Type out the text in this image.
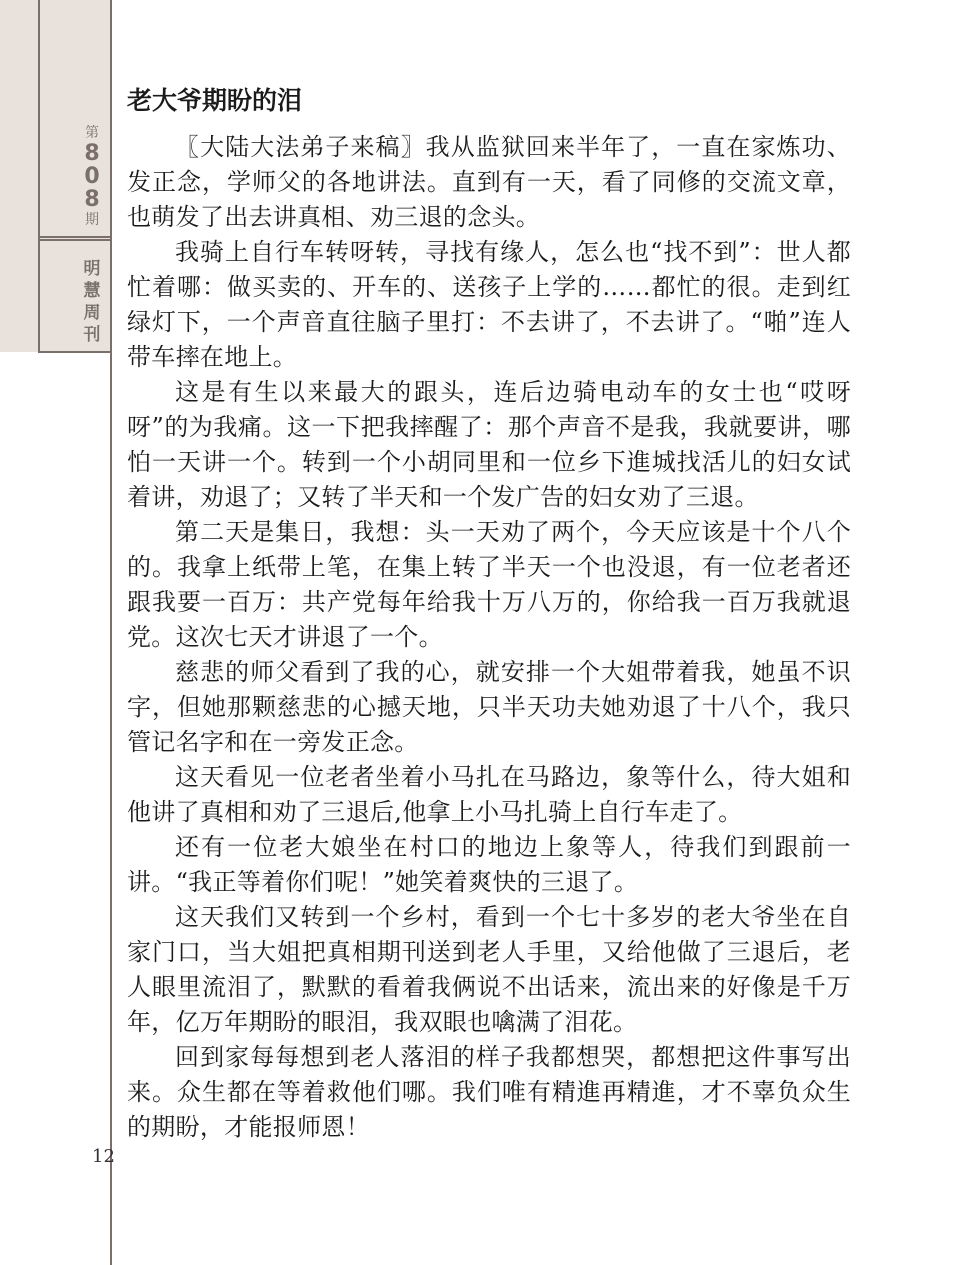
第
8
0
8
期
明
慧
周
刊
12
老大爷期盼的泪

〖大陆大法弟子来稿〗我从监狱回来半年了，一直在家炼功、发正念，学师父的各地讲法。直到有一天，看了同修的交流文章，也萌发了出去讲真相、劝三退的念头。

我骑上自行车转呀转，寻找有缘人，怎么也“找不到”：世人都忙着哪：做买卖的、开车的、送孩子上学的……都忙的很。走到红绿灯下，一个声音直往脑子里打：不去讲了，不去讲了。“啪”连人带车摔在地上。

这是有生以来最大的跟头，连后边骑电动车的女士也“哎呀呀”的为我痛。这一下把我摔醒了：那个声音不是我，我就要讲，哪怕一天讲一个。转到一个小胡同里和一位乡下進城找活儿的妇女试着讲，劝退了；又转了半天和一个发广告的妇女劝了三退。

第二天是集日，我想：头一天劝了两个，今天应该是十个八个的。我拿上纸带上笔，在集上转了半天一个也没退，有一位老者还跟我要一百万：共产党每年给我十万八万的，你给我一百万我就退党。这次七天才讲退了一个。

慈悲的师父看到了我的心，就安排一个大姐带着我，她虽不识字，但她那颗慈悲的心撼天地，只半天功夫她劝退了十八个，我只管记名字和在一旁发正念。

这天看见一位老者坐着小马扎在马路边，象等什么，待大姐和他讲了真相和劝了三退后,他拿上小马扎骑上自行车走了。

还有一位老大娘坐在村口的地边上象等人，待我们到跟前一讲。“我正等着你们呢！”她笑着爽快的三退了。

这天我们又转到一个乡村，看到一个七十多岁的老大爷坐在自家门口，当大姐把真相期刊送到老人手里，又给他做了三退后，老人眼里流泪了，默默的看着我俩说不出话来，流出来的好像是千万年，亿万年期盼的眼泪，我双眼也噙满了泪花。

回到家每每想到老人落泪的样子我都想哭，都想把这件事写出来。众生都在等着救他们哪。我们唯有精進再精進，才不辜负众生的期盼，才能报师恩！
